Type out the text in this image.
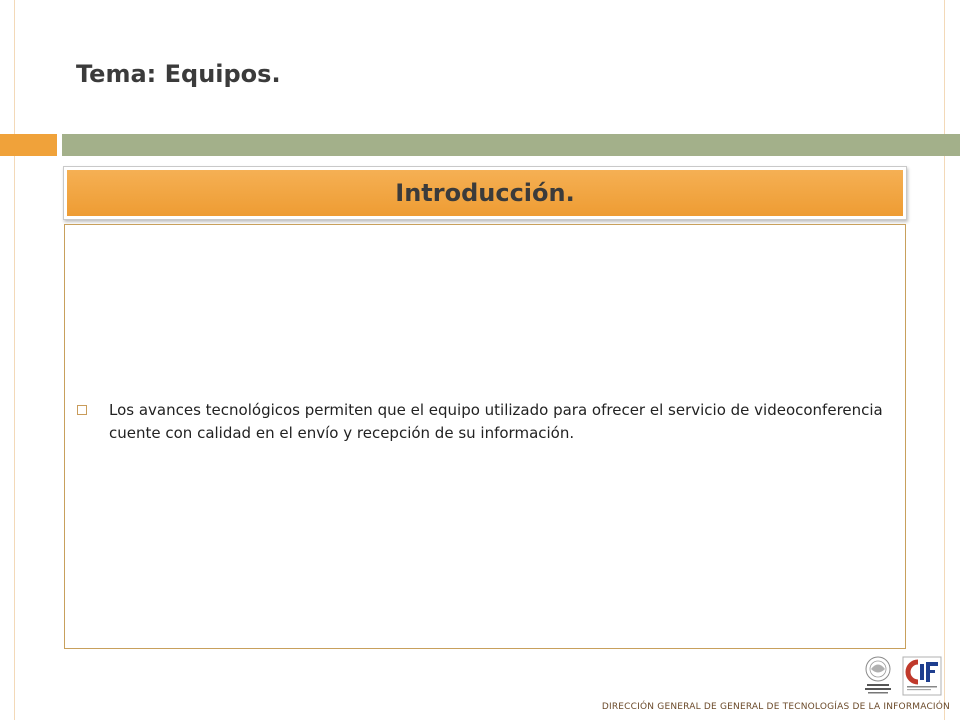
Tema: Equipos.
Introducción.
Los avances tecnológicos permiten que el equipo utilizado para ofrecer el servicio de videoconferencia cuente con calidad en el envío y recepción de su información.
DIRECCIÓN GENERAL DE GENERAL DE TECNOLOGÍAS DE LA INFORMACIÓN
